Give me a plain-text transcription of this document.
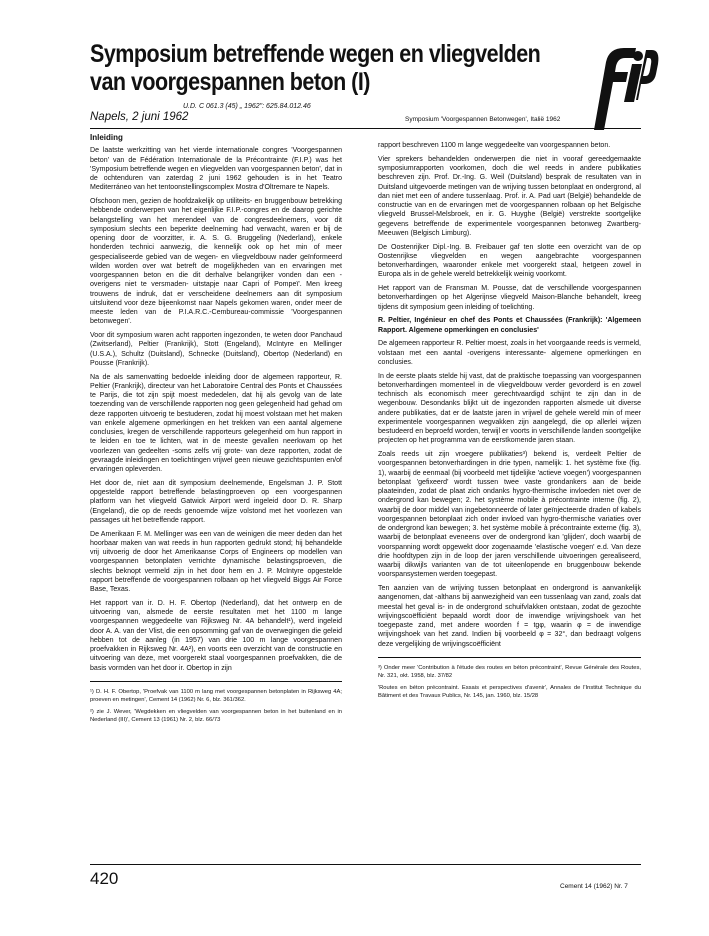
Symposium betreffende wegen en vliegvelden
van voorgespannen beton (I)
Napels, 2 juni 1962
U.D. C 061.3 (45) „ 1962": 625.84.012.46
Symposium 'Voorgespannen Betonwegen', Italië 1962

Inleiding

De laatste werkzitting van het vierde internationale congres 'Voorgespannen beton' van de Fédération Internationale de la Précontrainte (F.I.P.) was het 'Symposium betreffende wegen en vliegvelden van voorgespannen beton', dat in de ochtenduren van zaterdag 2 juni 1962 gehouden is in het Teatro Mediterráneo van het tentoonstellingscomplex Mostra d'Oltremare te Napels.

Ofschoon men, gezien de hoofdzakelijk op utiliteits- en bruggenbouw betrekking hebbende onderwerpen van het eigenlijke F.I.P.-congres en de daarop gerichte belangstelling van het merendeel van de congresdeelnemers, voor dit symposium slechts een beperkte deelneming had verwacht, waren er bij de opening door de voorzitter, ir. A. S. G. Bruggeling (Nederland), enkele honderden technici aanwezig, die kennelijk ook op het min of meer gespecialiseerde gebied van de wegen- en vliegveldbouw nader geïnformeerd wilden worden over wat betreft de mogelijkheden van en ervaringen met voorgespannen beton en die dit derhalve belangrijker vonden dan een -overigens niet te versmaden- uitstapje naar Capri of Pompeï'. Men kreeg trouwens de indruk, dat er verscheidene deelnemers aan dit symposium uitsluitend voor deze bijeenkomst naar Napels gekomen waren, onder meer de meeste leden van de P.I.A.R.C.-Cembureau-commissie 'Voorgespannen betonwegen'.

Voor dit symposium waren acht rapporten ingezonden, te weten door Panchaud (Zwitserland), Peltier (Frankrijk), Stott (Engeland), McIntyre en Mellinger (U.S.A.), Schultz (Duitsland), Schnecke (Duitsland), Obertop (Nederland) en Pousse (Frankrijk).

Na de als samenvatting bedoelde inleiding door de algemeen rapporteur, R. Peltier (Frankrijk), directeur van het Laboratoire Central des Ponts et Chaussées te Parijs, die tot zijn spijt moest mededelen, dat hij als gevolg van de late toezending van de verschillende rapporten nog geen gelegenheid had gehad om deze rapporten uitvoerig te bestuderen, zodat hij moest volstaan met het maken van enkele algemene opmerkingen en het trekken van een aantal algemene conclusies, kregen de verschillende rapporteurs gelegenheid om hun rapport in te leiden en toe te lichten, wat in de meeste gevallen neerkwam op het voorlezen van gedeelten -soms zelfs vrij grote- van deze rapporten, zodat de gevraagde inleidingen en toelichtingen vrijwel geen nieuwe gezichtspunten en/of ervaringen opleverden.

Het door de, niet aan dit symposium deelnemende, Engelsman J. P. Stott opgestelde rapport betreffende belastingproeven op een voorgespannen platform van het vliegveld Gatwick Airport werd ingeleid door D. R. Sharp (Engeland), die op de reeds genoemde wijze volstond met het voorlezen van passages uit het betreffende rapport.

De Amerikaan F. M. Mellinger was een van de weinigen die meer deden dan het hoorbaar maken van wat reeds in hun rapporten gedrukt stond; hij behandelde vrij uitvoerig de door het Amerikaanse Corps of Engineers op modellen van voorgespannen betonplaten verrichte dynamische belastingsproeven, die slechts beknopt vermeld zijn in het door hem en J. P. McIntyre opgestelde rapport betreffende de voorgespannen rolbaan op het vliegveld Biggs Air Force Base, Texas.

Het rapport van ir. D. H. F. Obertop (Nederland), dat het ontwerp en de uitvoering van, alsmede de eerste resultaten met het 1100 m lange voorgespannen weggedeelte van Rijksweg Nr. 4A behandelt¹), werd ingeleid door A. A. van der Vlist, die een opsomming gaf van de overwegingen die geleid hebben tot de aanleg (in 1957) van drie 100 m lange voorgespannen proefvakken in Rijksweg Nr. 4A²), en voorts een overzicht van de constructie en uitvoering van deze, met voorgerekt staal voorgespannen proefvakken, die de basis vormden van het door ir. Obertop in zijn

¹) D. H. F. Obertop, 'Proefvak van 1100 m lang met voorgespannen betonplaten in Rijksweg 4A; proeven en metingen', Cement 14 (1962) Nr. 6, blz. 361/362.

²) zie J. Wever, 'Wegdekken en vliegvelden van voorgespannen beton in het buitenland en in Nederland (III)', Cement 13 (1961) Nr. 2, blz. 66/73

rapport beschreven 1100 m lange weggedeelte van voorgespannen beton.

Vier sprekers behandelden onderwerpen die niet in vooraf gereedgemaakte symposiumrapporten voorkomen, doch die wel reeds in andere publikaties beschreven zijn. Prof. Dr.-Ing. G. Weil (Duitsland) besprak de resultaten van in Duitsland uitgevoerde metingen van de wrijving tussen betonplaat en ondergrond, al dan niet met een of andere tussenlaag. Prof. ir. A. Pad uart (België) behandelde de constructie van en de ervaringen met de voorgespannen rolbaan op het Belgische vliegveld Brussel-Melsbroek, en ir. G. Huyghe (België) verstrekte soortgelijke gegevens betreffende de experimentele voorgespannen betonweg Zwartberg-Meeuwen (Belgisch Limburg).

De Oostenrijker Dipl.-Ing. B. Freibauer gaf ten slotte een overzicht van de op Oostenrijkse vliegvelden en wegen aangebrachte voorgespannen betonverhardingen, waaronder enkele met voorgerekt staal, hetgeen zowel in Europa als in de gehele wereld betrekkelijk weinig voorkomt.

Het rapport van de Fransman M. Pousse, dat de verschillende voorgespannen betonverhardingen op het Algerijnse vliegveld Maison-Blanche behandelt, kreeg tijdens dit symposium geen inleiding of toelichting.

R. Peltier, Ingénieur en chef des Ponts et Chaussées (Frankrijk): 'Algemeen Rapport. Algemene opmerkingen en conclusies'

De algemeen rapporteur R. Peltier moest, zoals in het voorgaande reeds is vermeld, volstaan met een aantal -overigens interessante- algemene opmerkingen en conclusies.

In de eerste plaats stelde hij vast, dat de praktische toepassing van voorgespannen betonverhardingen momenteel in de vliegveldbouw verder gevorderd is en zowel technisch als economisch meer gerechtvaardigd schijnt te zijn dan in de wegenbouw. Desondanks blijkt uit de ingezonden rapporten alsmede uit diverse andere publikaties, dat er de laatste jaren in vrijwel de gehele wereld min of meer experimentele voorgespannen wegvakken zijn aangelegd, die op allerlei wijzen bestudeerd en beproefd worden, terwijl er voorts in verschillende landen soortgelijke projecten op het programma van de eerstkomende jaren staan.

Zoals reeds uit zijn vroegere publikaties³) bekend is, verdeelt Peltier de voorgespannen betonverhardingen in drie typen, namelijk: 1. het système fixe (fig. 1), waarbij de eenmaal (bij voorbeeld met tijdelijke 'actieve voegen') voorgespannen betonplaat 'gefixeerd' wordt tussen twee vaste grondankers aan de beide plaateinden, zodat de plaat zich ondanks hygro-thermische invloeden niet over de ondergrond kan bewegen; 2. het système mobile à précontrainte interne (fig. 2), waarbij de door middel van ingebetonneerde of later geïnjecteerde draden of kabels voorgespannen betonplaat zich onder invloed van hygro-thermische variaties over de ondergrond kan bewegen; 3. het système mobile à précontrainte externe (fig. 3), waarbij de betonplaat eveneens over de ondergrond kan 'glijden', doch waarbij de voorspanning wordt opgewekt door zogenaamde 'elastische voegen' e.d. Van deze drie hoofdtypen zijn in de loop der jaren verschillende uitvoeringen gerealiseerd, waarbij dikwijls varianten van de tot uiteenlopende en bruggenbouw bekende voorspansystemen werden toegepast.

Ten aanzien van de wrijving tussen betonplaat en ondergrond is aanvankelijk aangenomen, dat -althans bij aanwezigheid van een tussenlaag van zand, zoals dat meestal het geval is- in de ondergrond schuifvlakken ontstaan, zodat de gezochte wrijvingscoëfficiënt bepaald wordt door de inwendige wrijvingshoek van het toegepaste zand, met andere woorden f = tgφ, waarin φ = de inwendige wrijvingshoek van het zand. Indien bij voorbeeld φ = 32°, dan bedraagt volgens deze vergelijking de wrijvingscoëfficiënt

³) Onder meer 'Contribution à l'étude des routes en béton précontraint', Revue Générale des Routes, Nr. 321, okt. 1958, blz. 37/82

'Routes en béton précontraint. Essais et perspectives d'avenir', Annales de l'Institut Technique du Bâtiment et des Travaux Publics, Nr. 145, jan. 1960, blz. 15/28

420	Cement 14 (1962) Nr. 7
